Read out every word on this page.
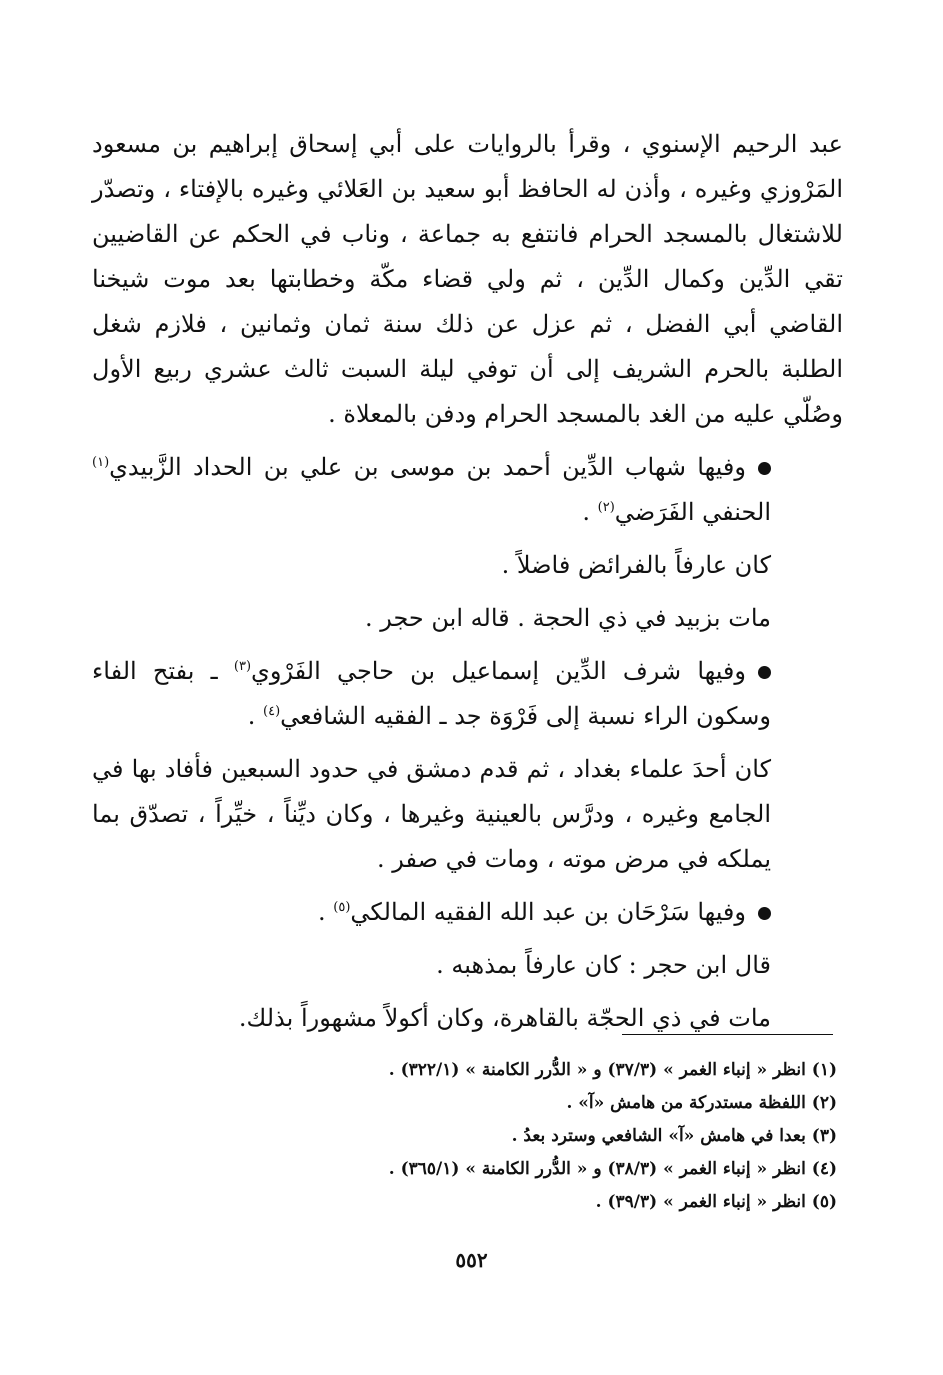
عبد الرحيم الإسنوي ، وقرأ بالروايات على أبي إسحاق إبراهيم بن مسعود المَرْوزي وغيره ، وأذن له الحافظ أبو سعيد بن العَلائي وغيره بالإفتاء ، وتصدّر للاشتغال بالمسجد الحرام فانتفع به جماعة ، وناب في الحكم عن القاضيين تقي الدِّين وكمال الدِّين ، ثم ولي قضاء مكّة وخطابتها بعد موت شيخنا القاضي أبي الفضل ، ثم عزل عن ذلك سنة ثمان وثمانين ، فلازم شغل الطلبة بالحرم الشريف إلى أن توفي ليلة السبت ثالث عشري ربيع الأول وصُلّي عليه من الغد بالمسجد الحرام ودفن بالمعلاة .

وفيها شهاب الدِّين أحمد بن موسى بن علي بن الحداد الزَّبيدي$^{(١)}$ الحنفي الفَرَضي$^{(٢)}$ .

كان عارفاً بالفرائض فاضلاً .

مات بزبيد في ذي الحجة . قاله ابن حجر .

وفيها شرف الدِّين إسماعيل بن حاجي الفَرْوي$^{(٣)}$ ـ بفتح الفاء وسكون الراء نسبة إلى فَرْوَة جد ـ الفقيه الشافعي$^{(٤)}$ .

كان أحدَ علماء بغداد ، ثم قدم دمشق في حدود السبعين فأفاد بها في الجامع وغيره ، ودرَّس بالعينية وغيرها ، وكان ديِّناً ، خيِّراً ، تصدّق بما يملكه في مرض موته ، ومات في صفر .

وفيها سَرْحَان بن عبد الله الفقيه المالكي$^{(٥)}$ .

قال ابن حجر : كان عارفاً بمذهبه .

مات في ذي الحجّة بالقاهرة، وكان أكولاً مشهوراً بذلك.

(١) انظر « إنباء الغمر » (٣٧/٣) و « الدُّرر الكامنة » (٣٢٢/١) .

(٢) اللفظة مستدركة من هامش «آ» .

(٣) بعدا في هامش «آ» الشافعي وسترد بعدُ .

(٤) انظر « إنباء الغمر » (٣٨/٣) و « الدُّرر الكامنة » (٣٦٥/١) .

(٥) انظر « إنباء الغمر » (٣٩/٣) .

٥٥٢
